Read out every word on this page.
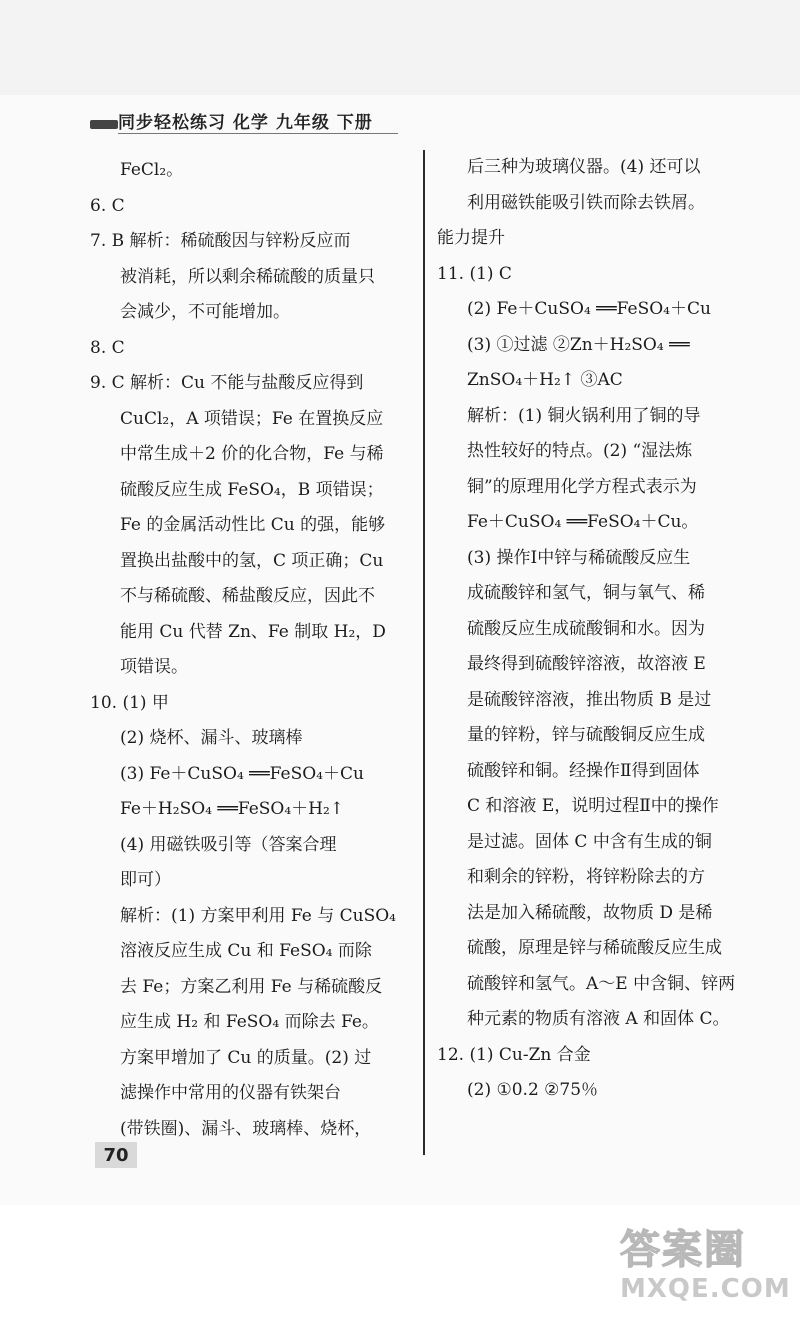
同步轻松练习 化学 九年级 下册
FeCl₂。
6. C
7. B 解析：稀硫酸因与锌粉反应而
被消耗，所以剩余稀硫酸的质量只
会减少，不可能增加。
8. C
9. C 解析：Cu 不能与盐酸反应得到
CuCl₂，A 项错误；Fe 在置换反应
中常生成＋2 价的化合物，Fe 与稀
硫酸反应生成 FeSO₄，B 项错误；
Fe 的金属活动性比 Cu 的强，能够
置换出盐酸中的氢，C 项正确；Cu
不与稀硫酸、稀盐酸反应，因此不
能用 Cu 代替 Zn、Fe 制取 H₂，D
项错误。
10. (1) 甲
(2) 烧杯、漏斗、玻璃棒
(3) Fe＋CuSO₄ ══FeSO₄＋Cu
Fe＋H₂SO₄ ══FeSO₄＋H₂↑
(4) 用磁铁吸引等（答案合理
即可）
解析：(1) 方案甲利用 Fe 与 CuSO₄
溶液反应生成 Cu 和 FeSO₄ 而除
去 Fe；方案乙利用 Fe 与稀硫酸反
应生成 H₂ 和 FeSO₄ 而除去 Fe。
方案甲增加了 Cu 的质量。(2) 过
滤操作中常用的仪器有铁架台
(带铁圈)、漏斗、玻璃棒、烧杯，
后三种为玻璃仪器。(4) 还可以
利用磁铁能吸引铁而除去铁屑。
能力提升
11. (1) C
(2) Fe＋CuSO₄ ══FeSO₄＋Cu
(3) ①过滤 ②Zn＋H₂SO₄ ══
ZnSO₄＋H₂↑ ③AC
解析：(1) 铜火锅利用了铜的导
热性较好的特点。(2) “湿法炼
铜”的原理用化学方程式表示为
Fe＋CuSO₄ ══FeSO₄＋Cu。
(3) 操作Ⅰ中锌与稀硫酸反应生
成硫酸锌和氢气，铜与氧气、稀
硫酸反应生成硫酸铜和水。因为
最终得到硫酸锌溶液，故溶液 E
是硫酸锌溶液，推出物质 B 是过
量的锌粉，锌与硫酸铜反应生成
硫酸锌和铜。经操作Ⅱ得到固体
C 和溶液 E，说明过程Ⅱ中的操作
是过滤。固体 C 中含有生成的铜
和剩余的锌粉，将锌粉除去的方
法是加入稀硫酸，故物质 D 是稀
硫酸，原理是锌与稀硫酸反应生成
硫酸锌和氢气。A～E 中含铜、锌两
种元素的物质有溶液 A 和固体 C。
12. (1) Cu-Zn 合金
(2) ①0.2 ②75％
70
答案圈
MXQE.COM
